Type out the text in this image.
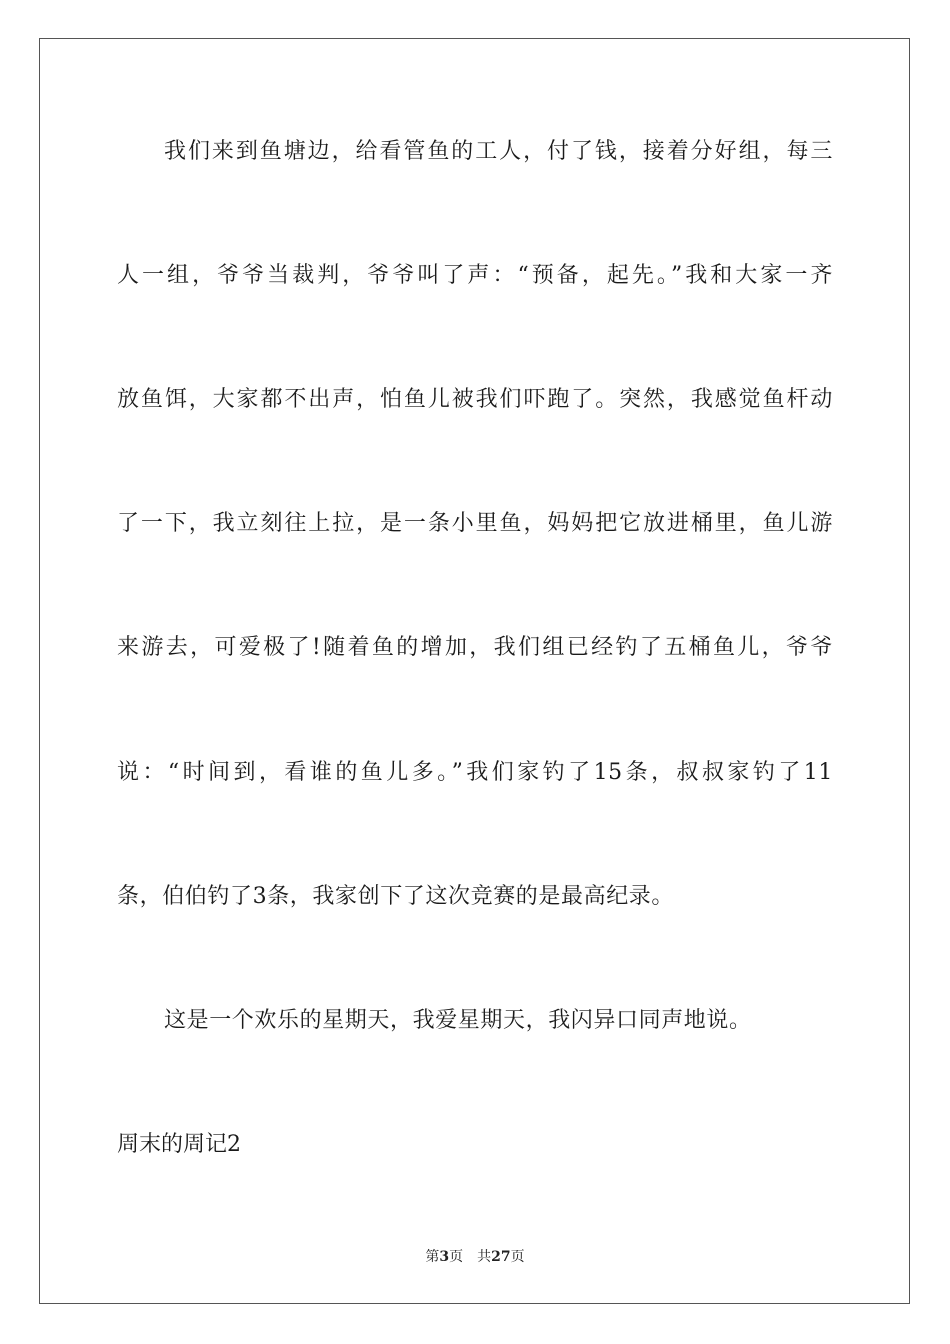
我们来到鱼塘边，给看管鱼的工人，付了钱，接着分好组，每三
人一组，爷爷当裁判，爷爷叫了声：“预备，起先。”我和大家一齐
放鱼饵，大家都不出声，怕鱼儿被我们吓跑了。突然，我感觉鱼杆动
了一下，我立刻往上拉，是一条小里鱼，妈妈把它放进桶里，鱼儿游
来游去，可爱极了!随着鱼的增加，我们组已经钓了五桶鱼儿，爷爷
说：“时间到，看谁的鱼儿多。”我们家钓了15条，叔叔家钓了11
条，伯伯钓了3条，我家创下了这次竞赛的是最高纪录。
这是一个欢乐的星期天，我爱星期天，我闪异口同声地说。
周末的周记2
第3页 共27页
